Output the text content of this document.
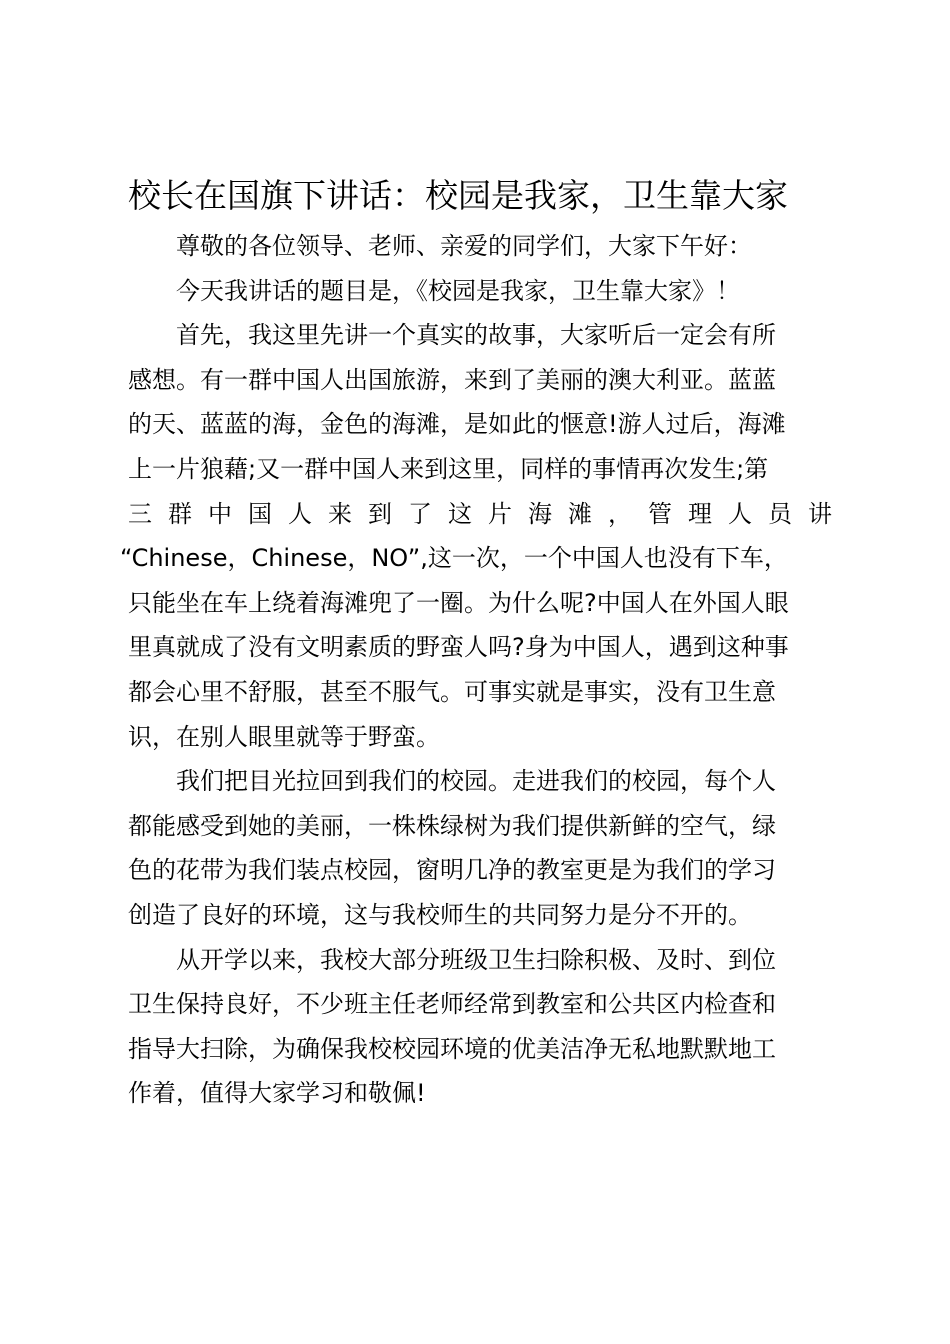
校长在国旗下讲话：校园是我家，卫生靠大家

尊敬的各位领导、老师、亲爱的同学们，大家下午好：

今天我讲话的题目是，《校园是我家，卫生靠大家》！

首先，我这里先讲一个真实的故事，大家听后一定会有所
感想。有一群中国人出国旅游，来到了美丽的澳大利亚。蓝蓝
的天、蓝蓝的海，金色的海滩，是如此的惬意!游人过后，海滩
上一片狼藉;又一群中国人来到这里，同样的事情再次发生;第
三 群 中 国 人 来 到 了 这 片 海 滩 ， 管 理 人 员 讲
“Chinese，Chinese，NO”,这一次，一个中国人也没有下车，
只能坐在车上绕着海滩兜了一圈。为什么呢?中国人在外国人眼
里真就成了没有文明素质的野蛮人吗?身为中国人，遇到这种事
都会心里不舒服，甚至不服气。可事实就是事实，没有卫生意
识，在别人眼里就等于野蛮。
我们把目光拉回到我们的校园。走进我们的校园，每个人
都能感受到她的美丽，一株株绿树为我们提供新鲜的空气，绿
色的花带为我们装点校园，窗明几净的教室更是为我们的学习
创造了良好的环境，这与我校师生的共同努力是分不开的。
从开学以来，我校大部分班级卫生扫除积极、及时、到位
卫生保持良好，不少班主任老师经常到教室和公共区内检查和
指导大扫除，为确保我校校园环境的优美洁净无私地默默地工
作着，值得大家学习和敬佩!
